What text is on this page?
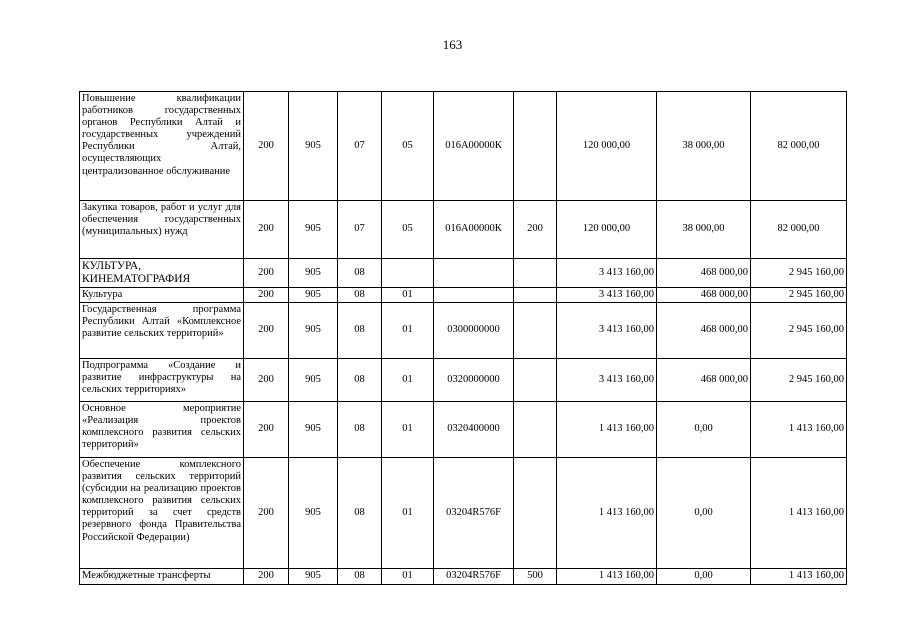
163
Повышение квалификации работников государственных органов Республики Алтай и государственных учреждений Республики Алтай, осуществляющих централизованное обслуживание	200	905	07	05	016А00000К		120 000,00	38 000,00	82 000,00
Закупка товаров, работ и услуг для обеспечения государственных (муниципальных) нужд	200	905	07	05	016А00000К	200	120 000,00	38 000,00	82 000,00
КУЛЬТУРА, КИНЕМАТОГРАФИЯ	200	905	08				3 413 160,00	468 000,00	2 945 160,00
Культура	200	905	08	01			3 413 160,00	468 000,00	2 945 160,00
Государственная программа Республики Алтай «Комплексное развитие сельских территорий»	200	905	08	01	0300000000		3 413 160,00	468 000,00	2 945 160,00
Подпрограмма «Создание и развитие инфраструктуры на сельских территориях»	200	905	08	01	0320000000		3 413 160,00	468 000,00	2 945 160,00
Основное мероприятие «Реализация проектов комплексного развития сельских территорий»	200	905	08	01	0320400000		1 413 160,00	0,00	1 413 160,00
Обеспечение комплексного развития сельских территорий (субсидии на реализацию проектов комплексного развития сельских территорий за счет средств резервного фонда Правительства Российской Федерации)	200	905	08	01	03204R576F		1 413 160,00	0,00	1 413 160,00
Межбюджетные трансферты	200	905	08	01	03204R576F	500	1 413 160,00	0,00	1 413 160,00
